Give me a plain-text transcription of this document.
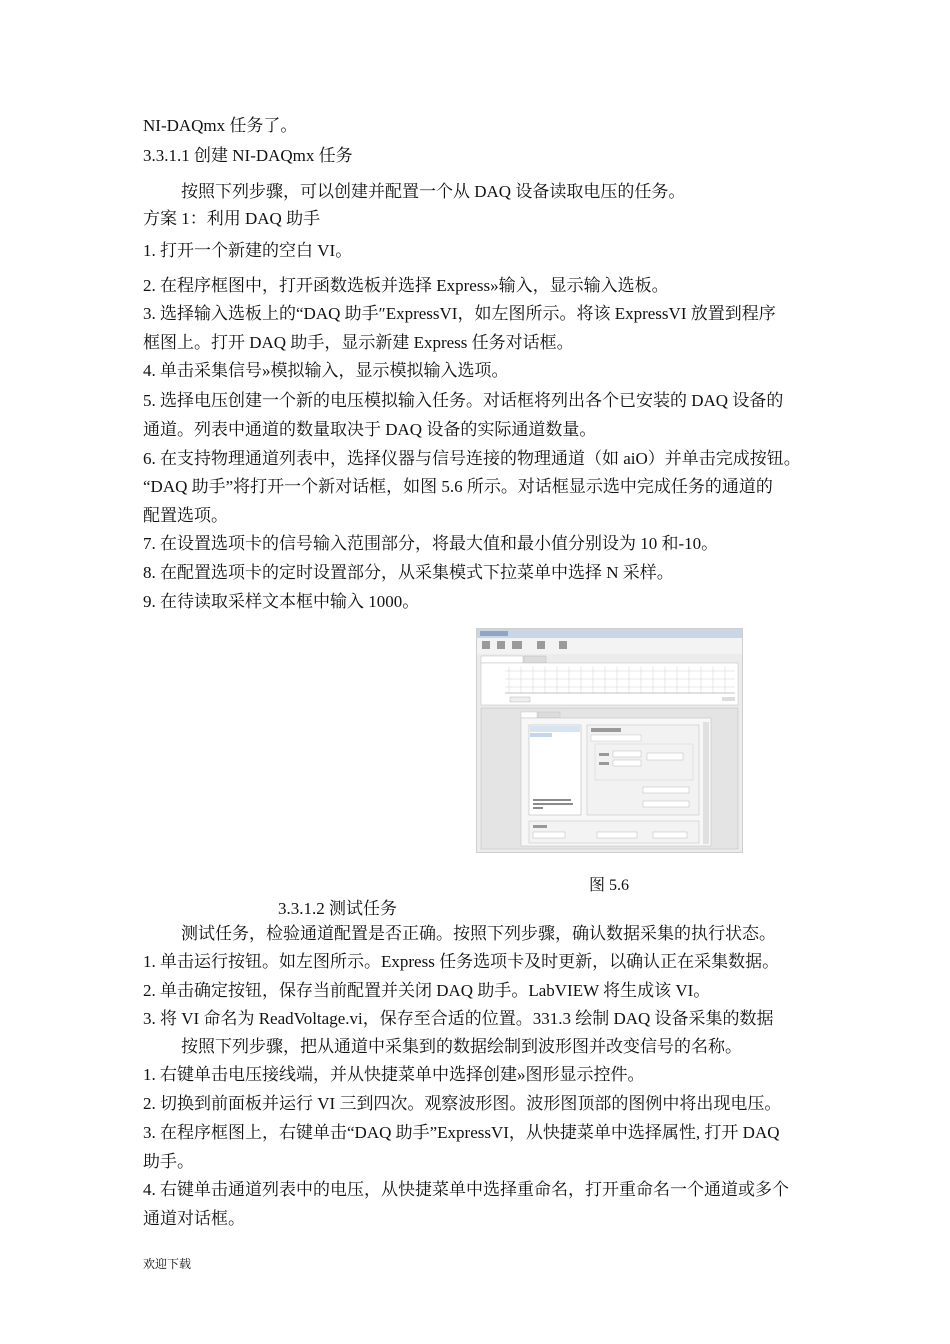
NI-DAQmx 任务了。
3.3.1.1 创建 NI-DAQmx 任务
按照下列步骤，可以创建并配置一个从 DAQ 设备读取电压的任务。
方案 1：利用 DAQ 助手
1. 打开一个新建的空白 VI。
2. 在程序框图中，打开函数选板并选择 Express»输入，显示输入选板。
3. 选择输入选板上的“DAQ 助手″ExpressVI，如左图所示。将该 ExpressVI 放置到程序
框图上。打开 DAQ 助手，显示新建 Express 任务对话框。
4. 单击采集信号»模拟输入，显示模拟输入选项。
5. 选择电压创建一个新的电压模拟输入任务。对话框将列出各个已安装的 DAQ 设备的
通道。列表中通道的数量取决于 DAQ 设备的实际通道数量。
6. 在支持物理通道列表中，选择仪器与信号连接的物理通道（如 aiO）并单击完成按钮。
“DAQ 助手”将打开一个新对话框，如图 5.6 所示。对话框显示选中完成任务的通道的
配置选项。
7. 在设置选项卡的信号输入范围部分，将最大值和最小值分别设为 10 和-10。
8. 在配置选项卡的定时设置部分，从采集模式下拉菜单中选择 N 采样。
9. 在待读取采样文本框中输入 1000。
图 5.6
3.3.1.2 测试任务
测试任务，检验通道配置是否正确。按照下列步骤，确认数据采集的执行状态。
1. 单击运行按钮。如左图所示。Express 任务选项卡及时更新，以确认正在采集数据。
2. 单击确定按钮，保存当前配置并关闭 DAQ 助手。LabVIEW 将生成该 VI。
3. 将 VI 命名为 ReadVoltage.vi，保存至合适的位置。331.3 绘制 DAQ 设备采集的数据
按照下列步骤，把从通道中采集到的数据绘制到波形图并改变信号的名称。
1. 右键单击电压接线端，并从快捷菜单中选择创建»图形显示控件。
2. 切换到前面板并运行 VI 三到四次。观察波形图。波形图顶部的图例中将出现电压。
3. 在程序框图上，右键单击“DAQ 助手”ExpressVI，从快捷菜单中选择属性, 打开 DAQ
助手。
4. 右键单击通道列表中的电压，从快捷菜单中选择重命名，打开重命名一个通道或多个
通道对话框。
欢迎下载
